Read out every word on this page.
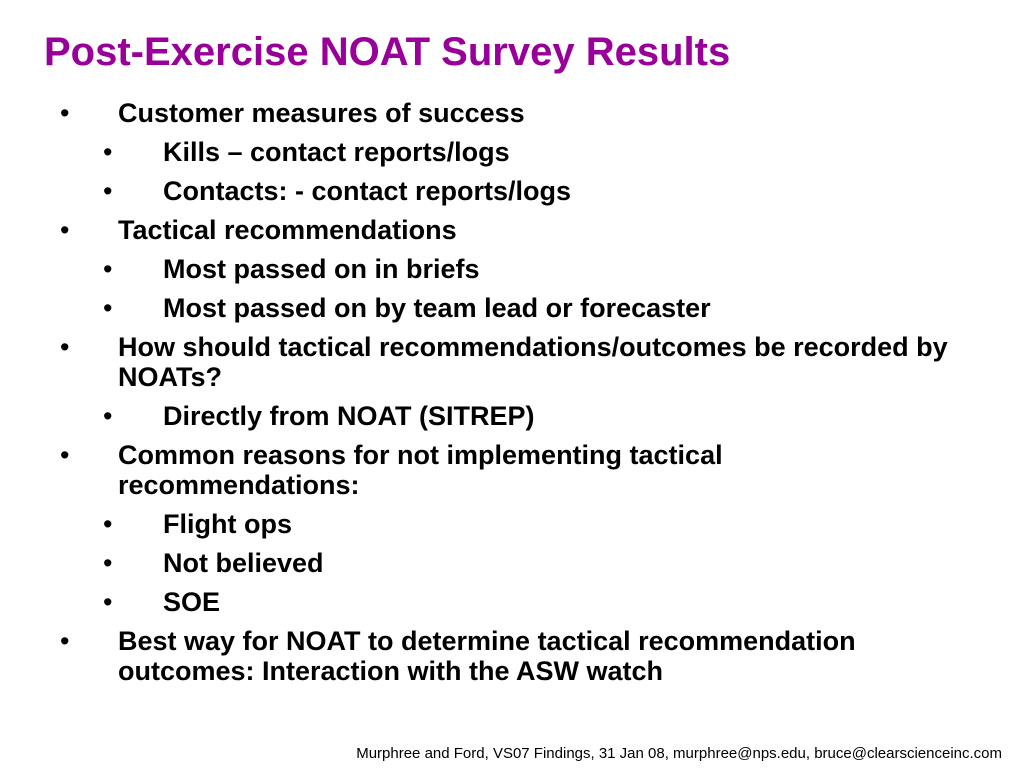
Post-Exercise NOAT Survey Results
• Customer measures of success
• Kills – contact reports/logs
• Contacts: - contact reports/logs
• Tactical recommendations
• Most passed on in briefs
• Most passed on by team lead or forecaster
• How should tactical recommendations/outcomes be recorded by NOATs?
• Directly from NOAT (SITREP)
• Common reasons for not implementing tactical recommendations:
• Flight ops
• Not believed
• SOE
• Best way for NOAT to determine tactical recommendation outcomes: Interaction with the ASW watch
Murphree and Ford, VS07 Findings, 31 Jan 08, murphree@nps.edu, bruce@clearscienceinc.com
